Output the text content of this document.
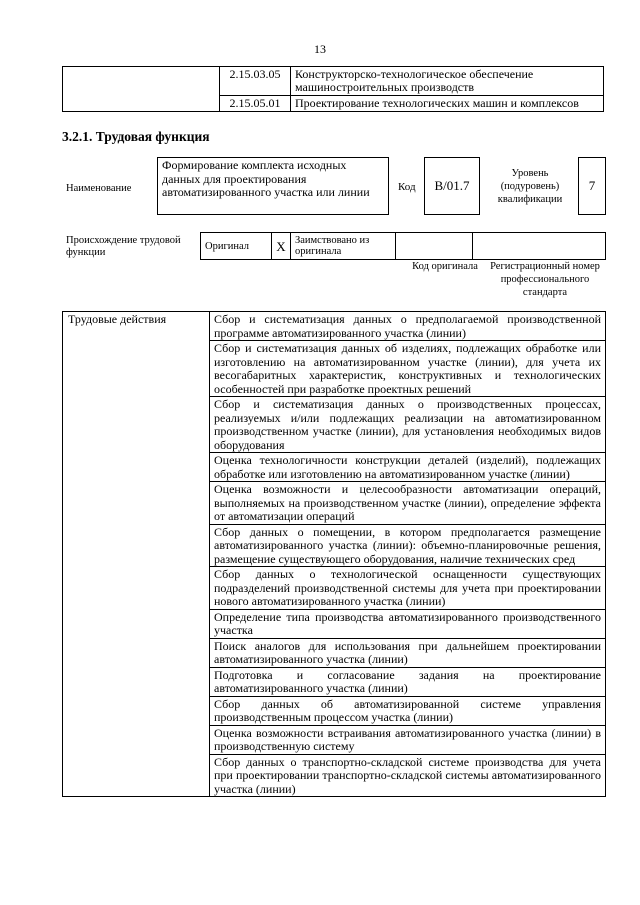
13
	2.15.03.05	Конструкторско-технологическое обеспечение машиностроительных производств
	2.15.05.01	Проектирование технологических машин и комплексов
3.2.1. Трудовая функция
Наименование
Формирование комплекта исходных данных для проектирования автоматизированного участка или линии	Код	B/01.7
Уровень (подуровень) квалификации
7
Происхождение трудовой
функции
Оригинал	X	Заимствовано из оригинала		
Код оригинала	Регистрационный номер профессионального стандарта
Трудовые действия	Сбор и систематизация данных о предполагаемой производственной программе автоматизированного участка (линии)
Сбор и систематизация данных об изделиях, подлежащих обработке или изготовлению на автоматизированном участке (линии), для учета их весогабаритных характеристик, конструктивных и технологических особенностей при разработке проектных решений
Сбор и систематизация данных о производственных процессах, реализуемых и/или подлежащих реализации на автоматизированном производственном участке (линии), для установления необходимых видов оборудования
Оценка технологичности конструкции деталей (изделий), подлежащих обработке или изготовлению на автоматизированном участке (линии)
Оценка возможности и целесообразности автоматизации операций, выполняемых на производственном участке (линии), определение эффекта от автоматизации операций
Сбор данных о помещении, в котором предполагается размещение автоматизированного участка (линии): объемно-планировочные решения, размещение существующего оборудования, наличие технических сред
Сбор данных о технологической оснащенности существующих подразделений производственной системы для учета при проектировании нового автоматизированного участка (линии)
Определение типа производства автоматизированного производственного участка
Поиск аналогов для использования при дальнейшем проектировании автоматизированного участка (линии)
Подготовка и согласование задания на проектирование автоматизированного участка (линии)
Сбор данных об автоматизированной системе управления производственным процессом участка (линии)
Оценка возможности встраивания автоматизированного участка (линии) в производственную систему
Сбор данных о транспортно-складской системе производства для учета при проектировании транспортно-складской системы автоматизированного участка (линии)
